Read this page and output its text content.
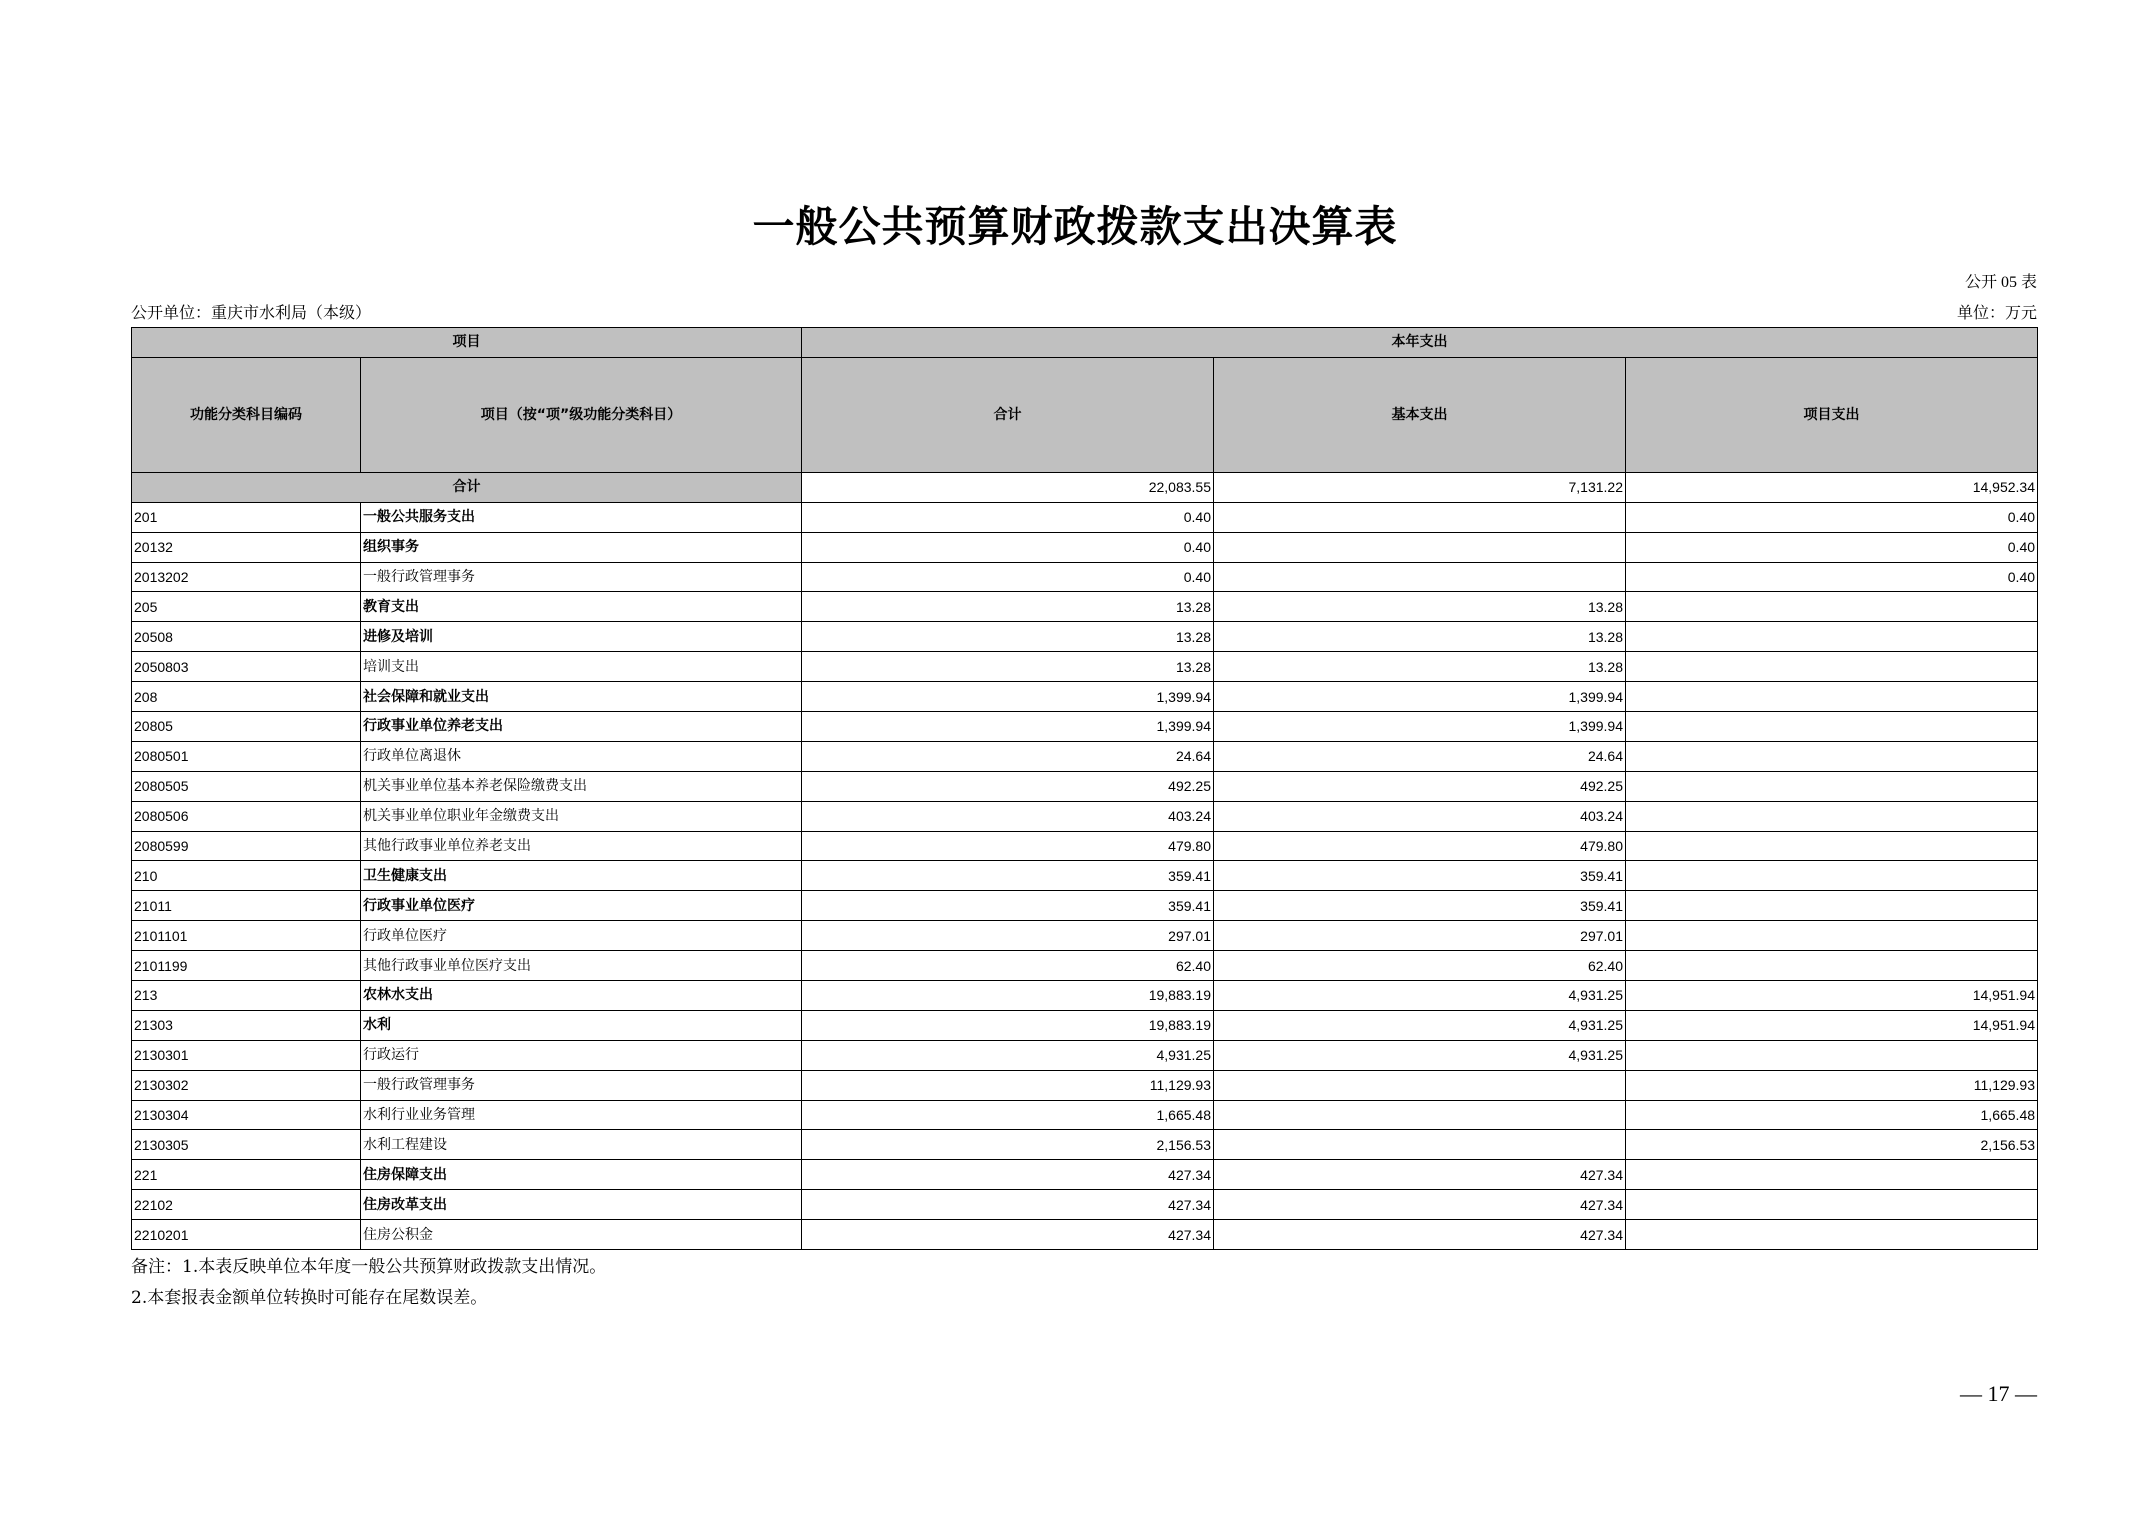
一般公共预算财政拨款支出决算表
公开 05 表
公开单位：重庆市水利局（本级）	单位：万元
项目		本年支出		
功能分类科目编码	项目（按“项”级功能分类科目）	合计	基本支出	项目支出
合计		22,083.55	7,131.22	14,952.34
201	一般公共服务支出	0.40		0.40
20132	组织事务	0.40		0.40
2013202	一般行政管理事务	0.40		0.40
205	教育支出	13.28	13.28	
20508	进修及培训	13.28	13.28	
2050803	培训支出	13.28	13.28	
208	社会保障和就业支出	1,399.94	1,399.94	
20805	行政事业单位养老支出	1,399.94	1,399.94	
2080501	行政单位离退休	24.64	24.64	
2080505	机关事业单位基本养老保险缴费支出	492.25	492.25	
2080506	机关事业单位职业年金缴费支出	403.24	403.24	
2080599	其他行政事业单位养老支出	479.80	479.80	
210	卫生健康支出	359.41	359.41	
21011	行政事业单位医疗	359.41	359.41	
2101101	行政单位医疗	297.01	297.01	
2101199	其他行政事业单位医疗支出	62.40	62.40	
213	农林水支出	19,883.19	4,931.25	14,951.94
21303	水利	19,883.19	4,931.25	14,951.94
2130301	行政运行	4,931.25	4,931.25	
2130302	一般行政管理事务	11,129.93		11,129.93
2130304	水利行业业务管理	1,665.48		1,665.48
2130305	水利工程建设	2,156.53		2,156.53
221	住房保障支出	427.34	427.34	
22102	住房改革支出	427.34	427.34	
2210201	住房公积金	427.34	427.34	
备注：1.本表反映单位本年度一般公共预算财政拨款支出情况。
2.本套报表金额单位转换时可能存在尾数误差。
— 17 —
